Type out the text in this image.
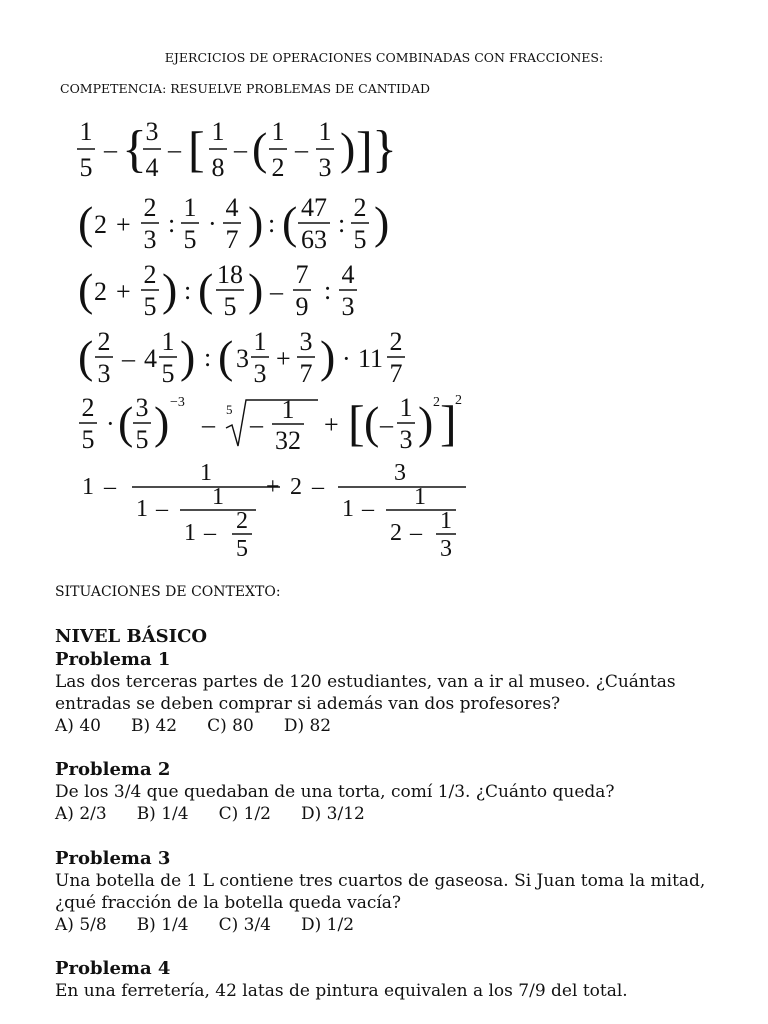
EJERCICIOS DE OPERACIONES COMBINADAS CON FRACCIONES:
COMPETENCIA: RESUELVE PROBLEMAS DE CANTIDAD
1
5
– {
3
4
– [ 1
8
– ( 1
2
–
1
3 ) ] }
( 2 +
2
3
:
1
5
·
4
7 ) : ( 47
63
:
2
5 )
( 2 +
2
5 ) : ( 18
5 ) –
7
9
:
4
3
( 2
3
– 4
1
5 ) : ( 3
1
3
+
3
7 ) · 11
2
7
2
5
· ( 3
5 ) −3
–
5
–
1
32
+ [ ( –
1
3 ) 2 ]
2
1 –
1
1 – 1
1 – 2
5
+ 2 –
3
1 – 1
2 – 1
3
SITUACIONES DE CONTEXTO:
NIVEL BÁSICO
Problema 1
Las dos terceras partes de 120 estudiantes, van a ir al museo. ¿Cuántas entradas se deben comprar si además van dos profesores?
A) 40 B) 42 C) 80 D) 82
Problema 2
De los 3/4 que quedaban de una torta, comí 1/3. ¿Cuánto queda?
A) 2/3 B) 1/4 C) 1/2 D) 3/12
Problema 3
Una botella de 1 L contiene tres cuartos de gaseosa. Si Juan toma la mitad, ¿qué fracción de la botella queda vacía?
A) 5/8 B) 1/4 C) 3/4 D) 1/2
Problema 4
En una ferretería, 42 latas de pintura equivalen a los 7/9 del total.
